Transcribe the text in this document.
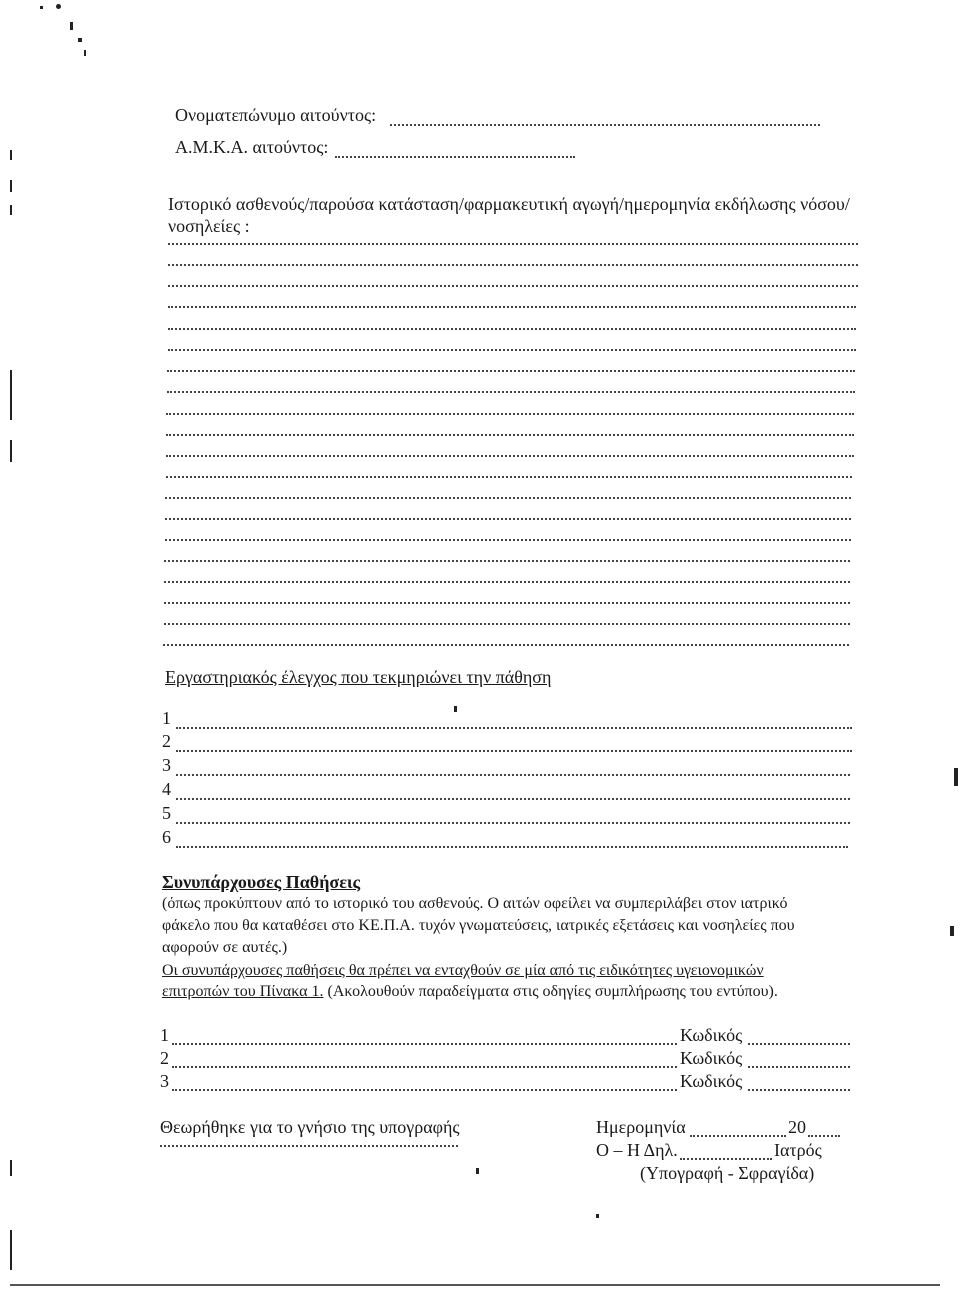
Ονοματεπώνυμο αιτούντος:
Α.Μ.Κ.Α. αιτούντος:
Ιστορικό ασθενούς/παρούσα κατάσταση/φαρμακευτική αγωγή/ημερομηνία εκδήλωσης νόσου/
νοσηλείες :
Εργαστηριακός έλεγχος που τεκμηριώνει την πάθηση
1
2
3
4
5
6
Συνυπάρχουσες Παθήσεις
(όπως προκύπτουν από το ιστορικό του ασθενούς. Ο αιτών οφείλει να συμπεριλάβει στον ιατρικό
φάκελο που θα καταθέσει στο ΚΕ.Π.Α. τυχόν γνωματεύσεις, ιατρικές εξετάσεις και νοσηλείες που
αφορούν σε αυτές.)
Οι συνυπάρχουσες παθήσεις θα πρέπει να ενταχθούν σε μία από τις ειδικότητες υγειονομικών
επιτροπών του Πίνακα 1. (Ακολουθούν παραδείγματα στις οδηγίες συμπλήρωσης του εντύπου).
1	Κωδικός
2	Κωδικός
3	Κωδικός
Θεωρήθηκε για το γνήσιο της υπογραφής	Ημερομηνία	20
Ο – Η Δηλ.	Ιατρός
(Υπογραφή - Σφραγίδα)
